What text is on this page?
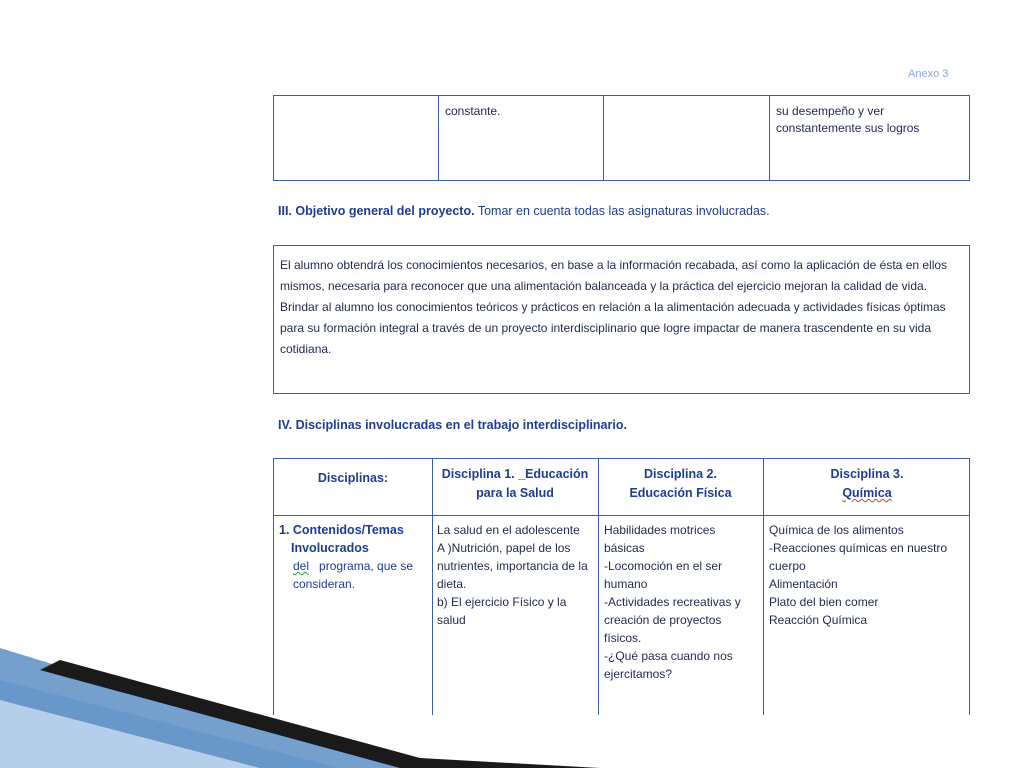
Anexo 3
constante.	su desempeño y ver constantemente sus logros
III. Objetivo general del proyecto. Tomar en cuenta todas las asignaturas involucradas.

El alumno obtendrá los conocimientos necesarios, en base a la información recabada, así como la aplicación de ésta en ellos mismos, necesaria para reconocer que una alimentación balanceada y la práctica del ejercicio mejoran la calidad de vida.

Brindar al alumno los conocimientos teóricos y prácticos en relación a la alimentación adecuada y actividades físicas óptimas para su formación integral a través de un proyecto interdisciplinario que logre impactar de manera trascendente en su vida cotidiana.

IV. Disciplinas involucradas en el trabajo interdisciplinario.
Disciplinas:	Disciplina 1. _Educación
para la Salud
Disciplina 2.
Educación Física
Disciplina 3.
Química
1. Contenidos/Temas
Involucrados
del programa, que se
consideran.
La salud en el adolescente
A )Nutrición, papel de los
nutrientes, importancia de la
dieta.
b) El ejercicio Físico y la
salud
Habilidades motrices
básicas
-Locomoción en el ser
humano
-Actividades recreativas y
creación de proyectos
físicos.
-¿Qué pasa cuando nos
ejercitamos?
Química de los alimentos
-Reacciones químicas en nuestro
cuerpo
Alimentación
Plato del bien comer
Reacción Química
